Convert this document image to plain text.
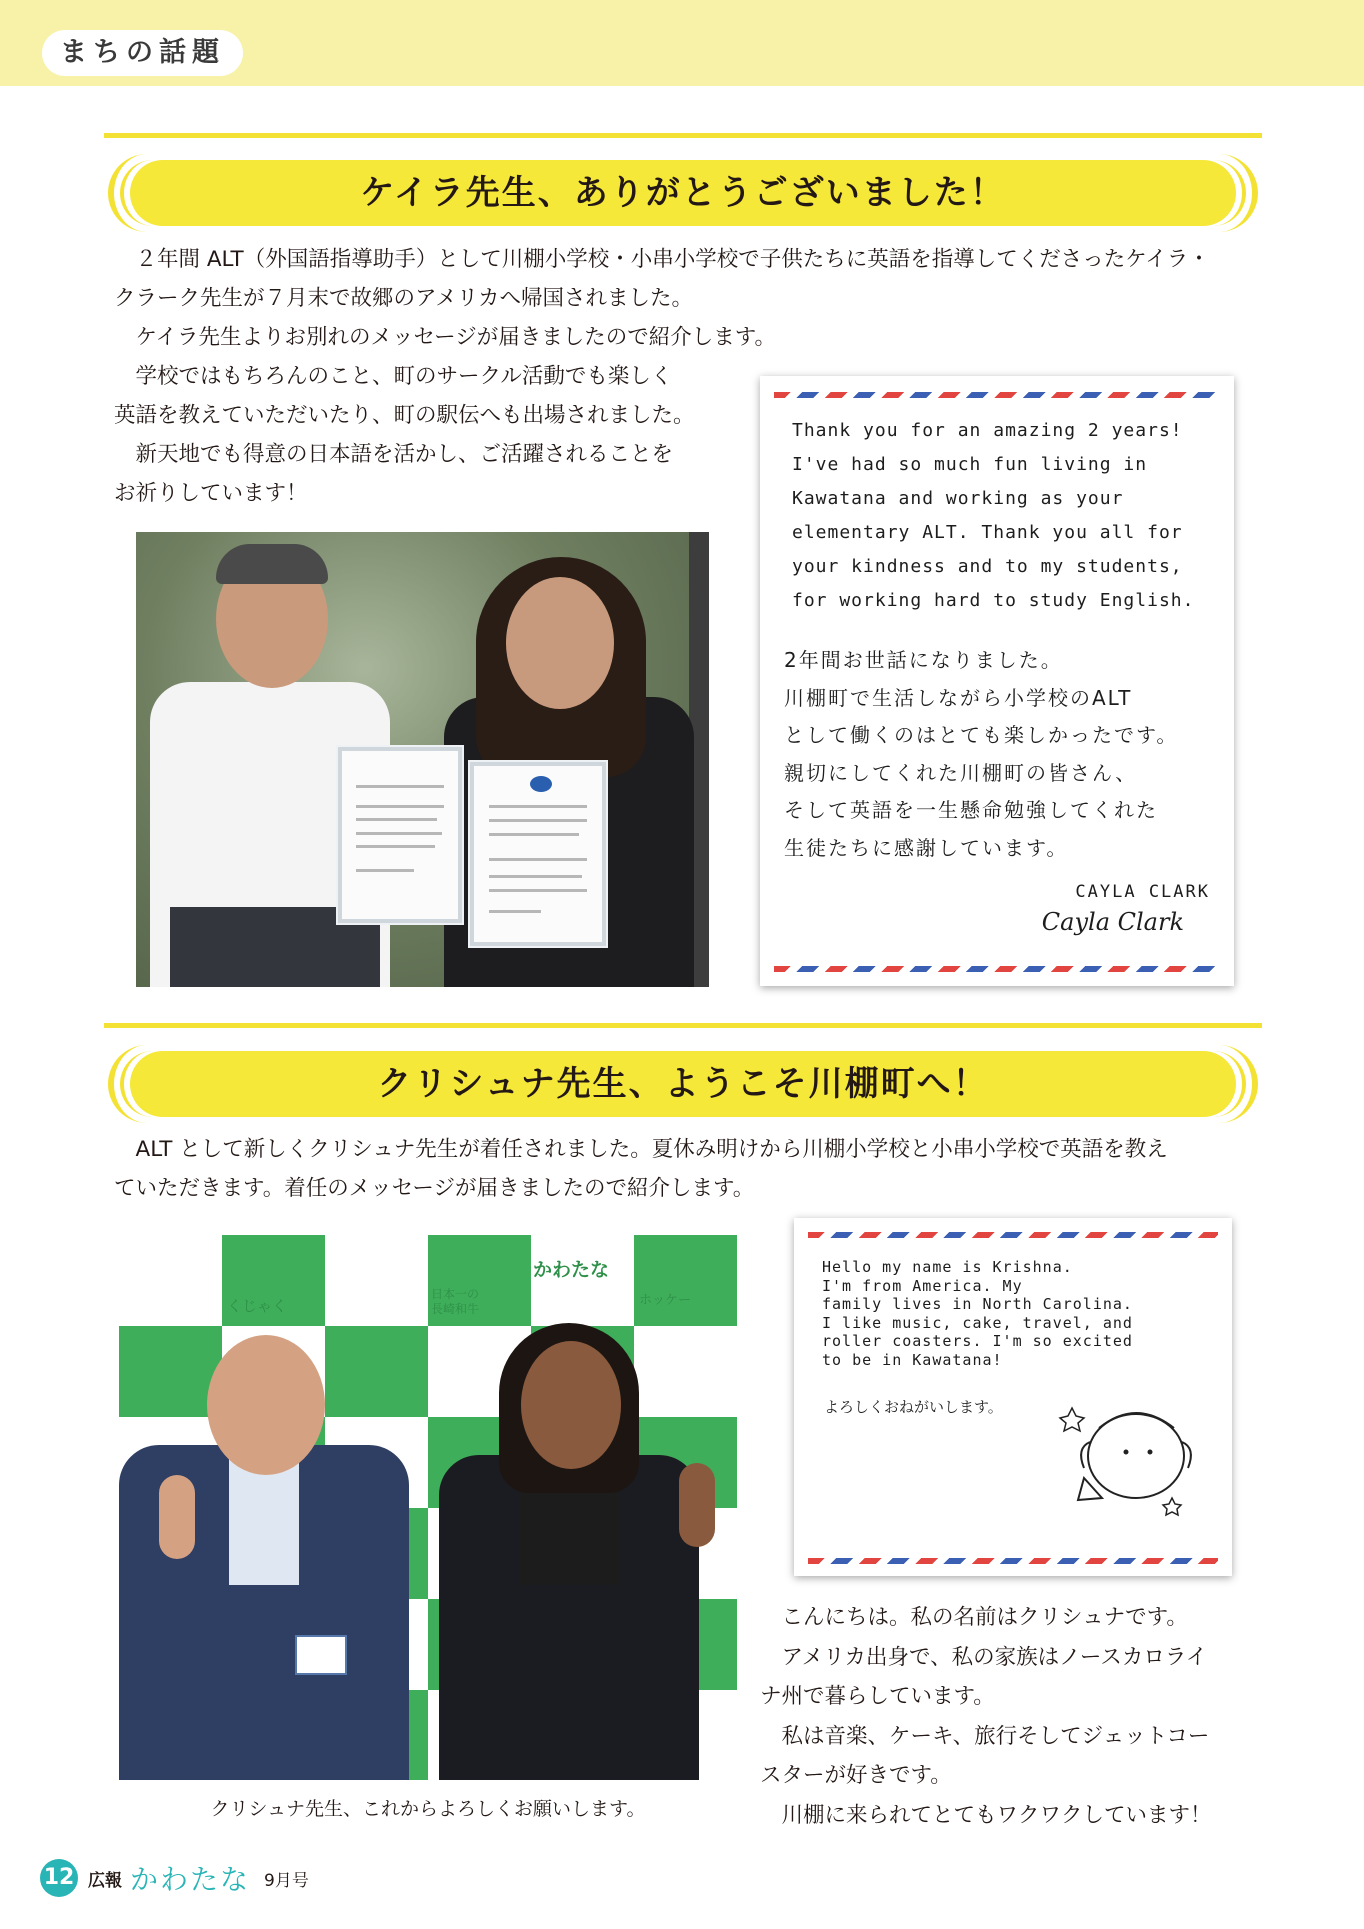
まちの話題
ケイラ先生、ありがとうございました！
　２年間 ALT（外国語指導助手）として川棚小学校・小串小学校で子供たちに英語を指導してくださったケイラ・
クラーク先生が７月末で故郷のアメリカへ帰国されました。
　ケイラ先生よりお別れのメッセージが届きましたので紹介します。
　学校ではもちろんのこと、町のサークル活動でも楽しく
英語を教えていただいたり、町の駅伝へも出場されました。
　新天地でも得意の日本語を活かし、ご活躍されることを
お祈りしています！
Thank you for an amazing 2 years!
I've had so much fun living in
Kawatana and working as your
elementary ALT. Thank you all for
your kindness and to my students,
for working hard to study English.
2年間お世話になりました。
川棚町で生活しながら小学校のALT
として働くのはとても楽しかったです。
親切にしてくれた川棚町の皆さん、
そして英語を一生懸命勉強してくれた
生徒たちに感謝しています。
CAYLA CLARK
Cayla Clark
クリシュナ先生、ようこそ川棚町へ！
　ALT として新しくクリシュナ先生が着任されました。夏休み明けから川棚小学校と小串小学校で英語を教え
ていただきます。着任のメッセージが届きましたので紹介します。
然を愛し
輝くまち
くじゃく
かわたな
日本一の
長崎和牛
川棚町
長崎県
ホッケー
クリシュナ先生、これからよろしくお願いします。
Hello my name is Krishna.
I'm from America. My
family lives in North Carolina.
I like music, cake, travel, and
roller coasters. I'm so excited
to be in Kawatana!
よろしくおねがいします。
　こんにちは。私の名前はクリシュナです。
　アメリカ出身で、私の家族はノースカロライ
ナ州で暮らしています。
　私は音楽、ケーキ、旅行そしてジェットコー
スターが好きです。
　川棚に来られてとてもワクワクしています！
12 広報 かわたな 9月号
